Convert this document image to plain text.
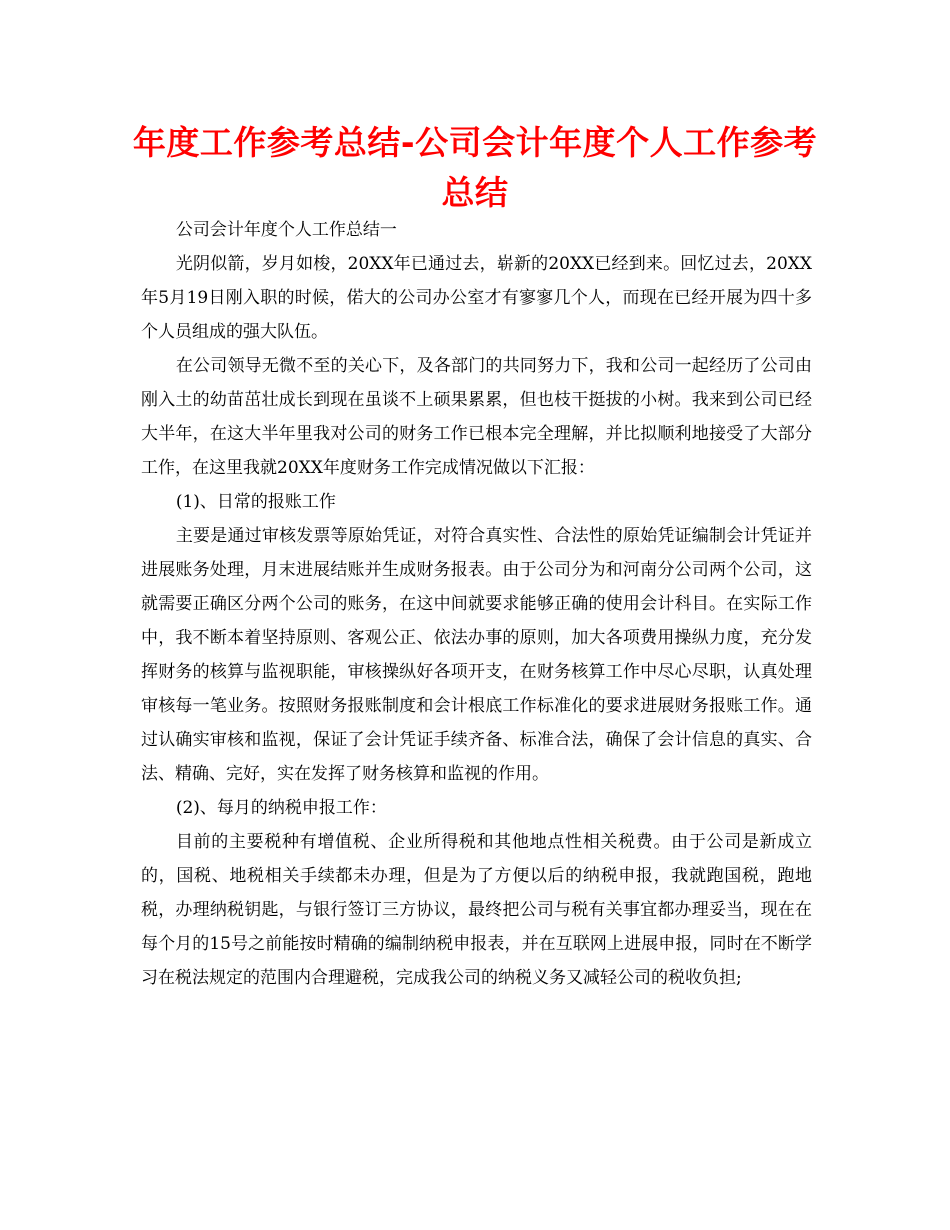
年度工作参考总结-公司会计年度个人工作参考总结

公司会计年度个人工作总结一

光阴似箭，岁月如梭，20XX年已通过去，崭新的20XX已经到来。回忆过去，20XX年5月19日刚入职的时候，偌大的公司办公室才有寥寥几个人，而现在已经开展为四十多个人员组成的强大队伍。

在公司领导无微不至的关心下，及各部门的共同努力下，我和公司一起经历了公司由刚入土的幼苗茁壮成长到现在虽谈不上硕果累累，但也枝干挺拔的小树。我来到公司已经大半年，在这大半年里我对公司的财务工作已根本完全理解，并比拟顺利地接受了大部分工作，在这里我就20XX年度财务工作完成情况做以下汇报：

(1)、日常的报账工作

主要是通过审核发票等原始凭证，对符合真实性、合法性的原始凭证编制会计凭证并进展账务处理，月末进展结账并生成财务报表。由于公司分为和河南分公司两个公司，这就需要正确区分两个公司的账务，在这中间就要求能够正确的使用会计科目。在实际工作中，我不断本着坚持原则、客观公正、依法办事的原则，加大各项费用操纵力度，充分发挥财务的核算与监视职能，审核操纵好各项开支，在财务核算工作中尽心尽职，认真处理审核每一笔业务。按照财务报账制度和会计根底工作标准化的要求进展财务报账工作。通过认确实审核和监视，保证了会计凭证手续齐备、标准合法，确保了会计信息的真实、合法、精确、完好，实在发挥了财务核算和监视的作用。

(2)、每月的纳税申报工作：

目前的主要税种有增值税、企业所得税和其他地点性相关税费。由于公司是新成立的，国税、地税相关手续都未办理，但是为了方便以后的纳税申报，我就跑国税，跑地税，办理纳税钥匙，与银行签订三方协议，最终把公司与税有关事宜都办理妥当，现在在每个月的15号之前能按时精确的编制纳税申报表，并在互联网上进展申报，同时在不断学习在税法规定的范围内合理避税，完成我公司的纳税义务又减轻公司的税收负担;
